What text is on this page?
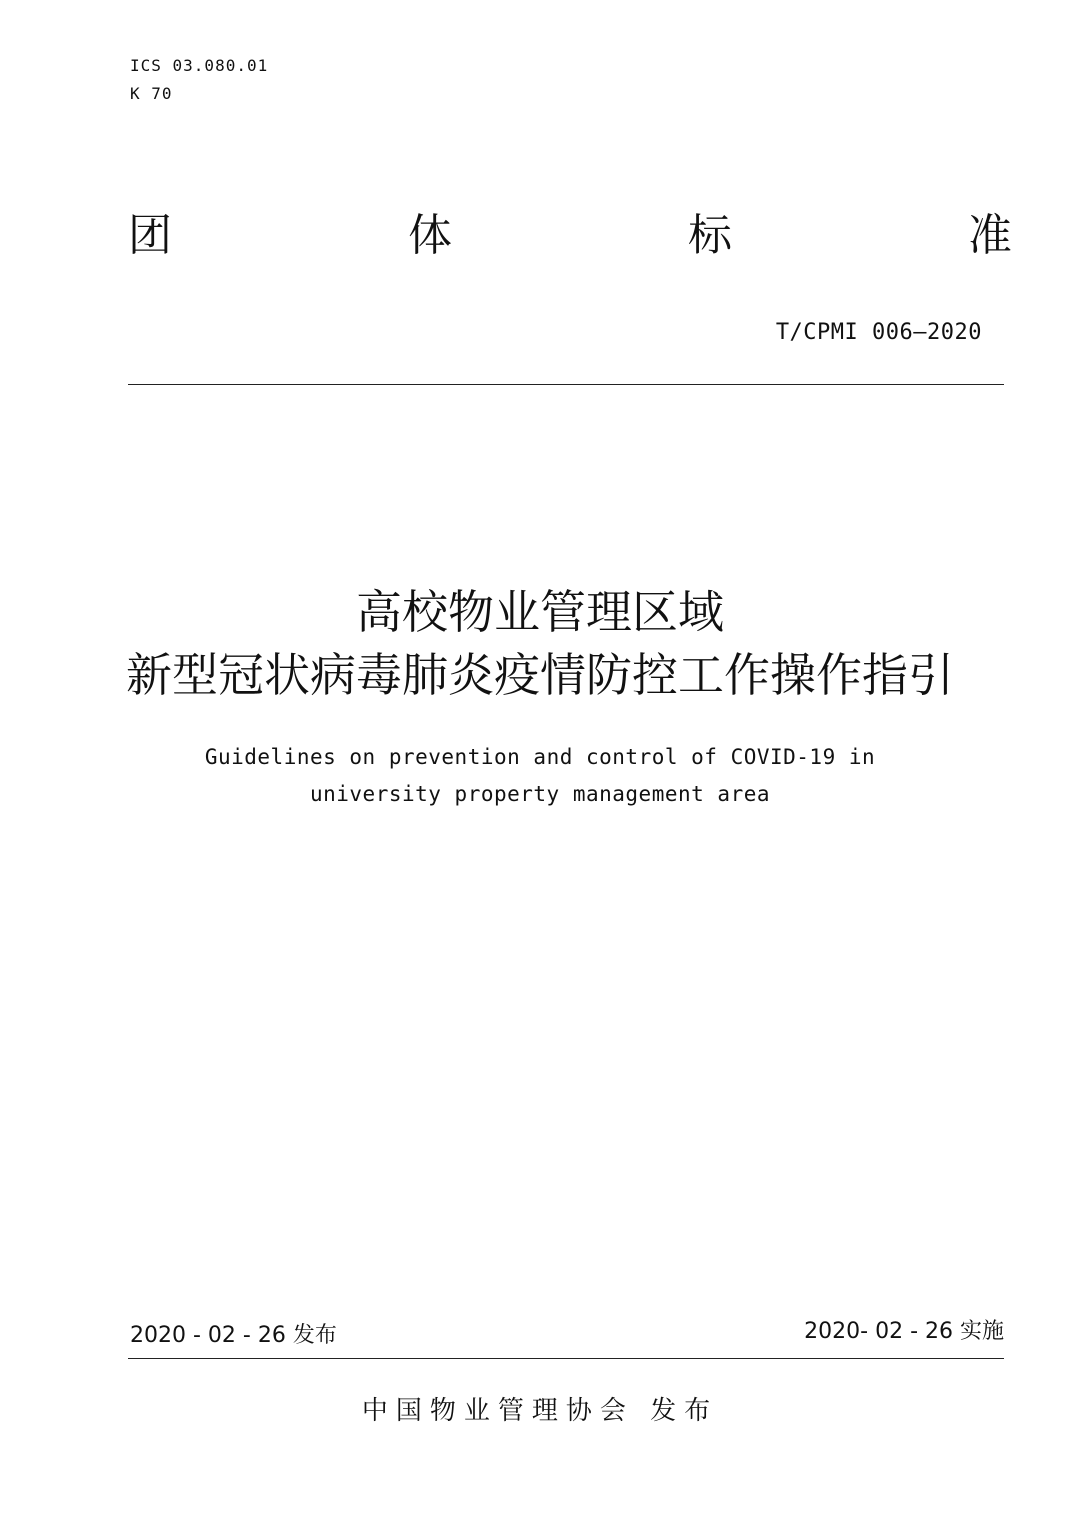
ICS 03.080.01
K 70
团	体	标	准
T/CPMI 006—2020
高校物业管理区域
新型冠状病毒肺炎疫情防控工作操作指引
Guidelines on prevention and control of COVID-19 in
university property management area
2020 - 02 - 26 发布	2020- 02 - 26 实施
中国物业管理协会 发布
